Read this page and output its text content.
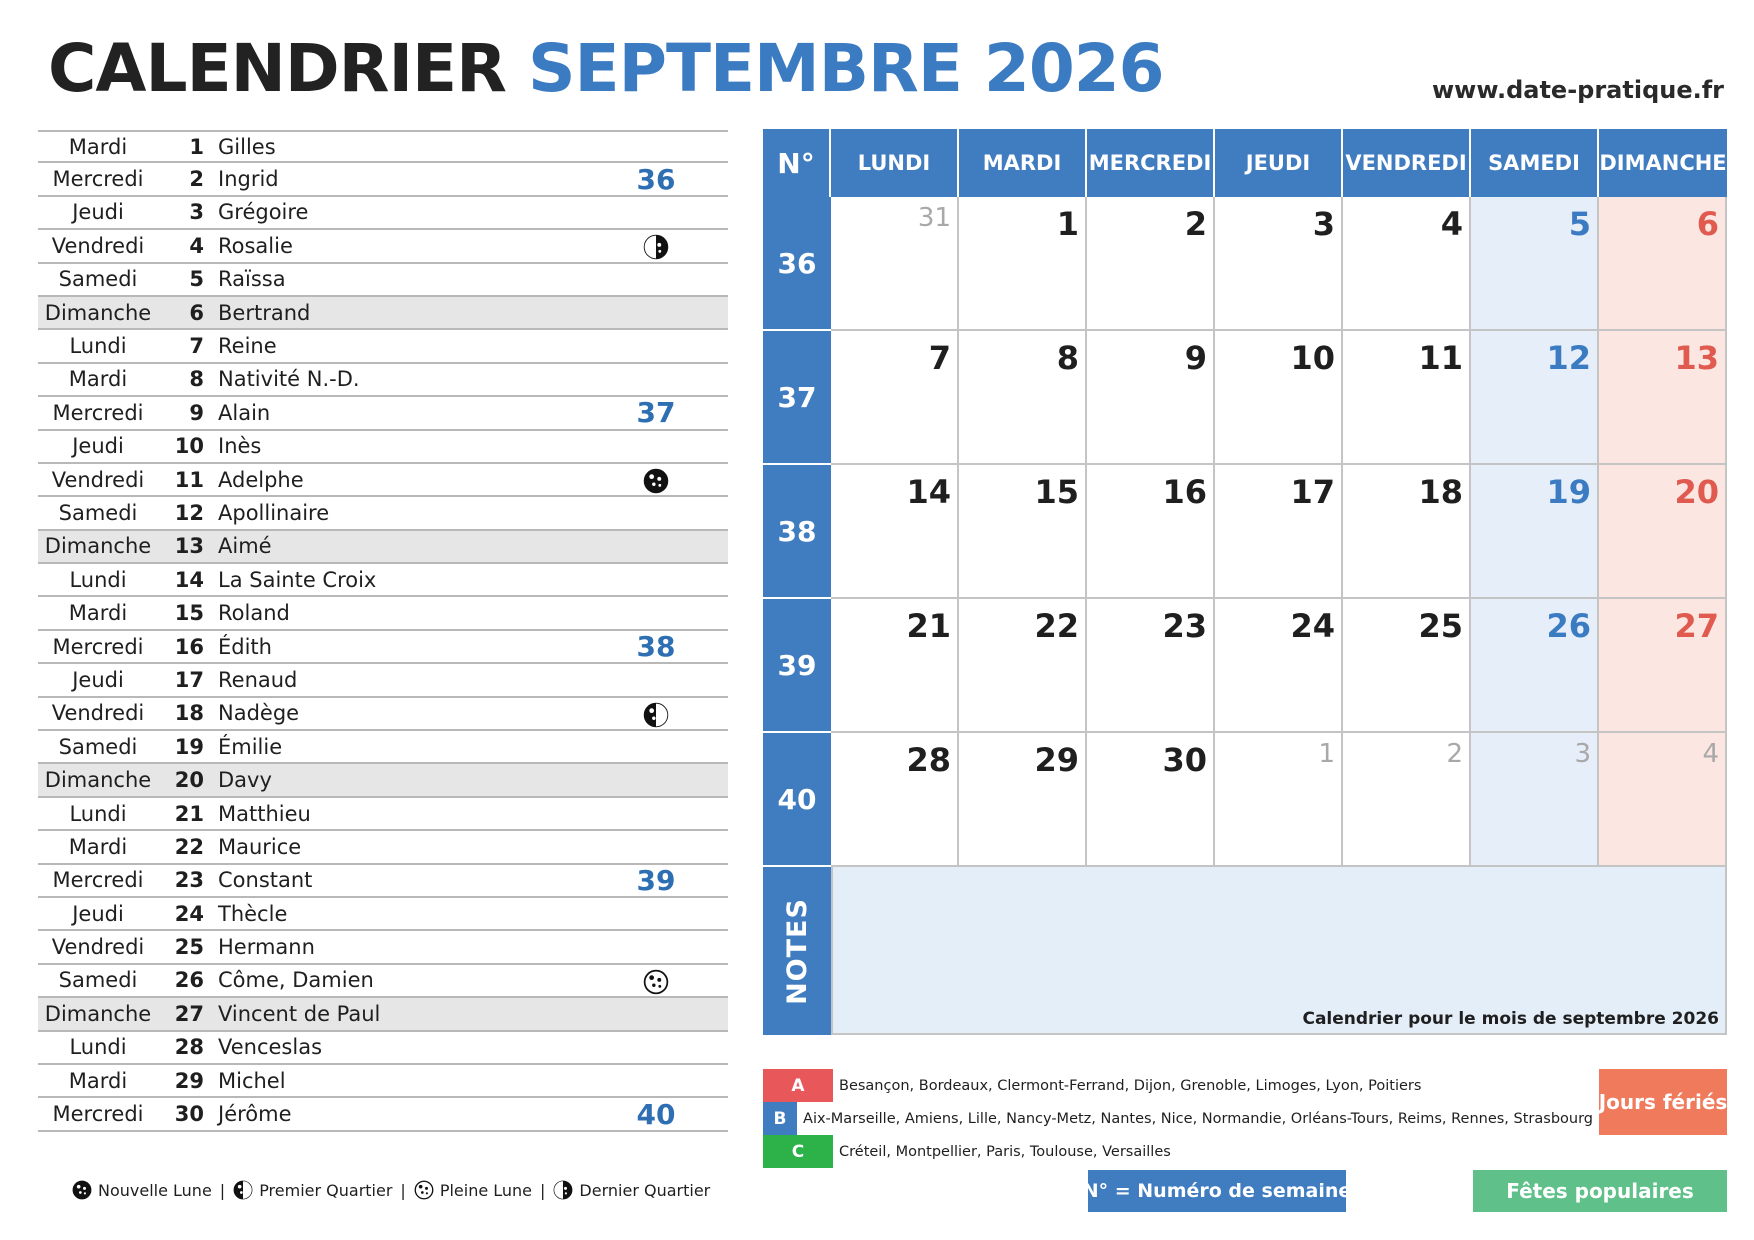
CALENDRIER SEPTEMBRE 2026	www.date-pratique.fr
Mardi	1 Gilles
Mercredi	2 Ingrid	36
Jeudi	3 Grégoire
Vendredi	4 Rosalie
Samedi	5 Raïssa
Dimanche	6 Bertrand
Lundi	7 Reine
Mardi	8 Nativité N.-D.
Mercredi	9 Alain	37
Jeudi	10 Inès
Vendredi	11 Adelphe
Samedi	12 Apollinaire
Dimanche	13 Aimé
Lundi	14 La Sainte Croix
Mardi	15 Roland
Mercredi	16 Édith	38
Jeudi	17 Renaud
Vendredi	18 Nadège
Samedi	19 Émilie
Dimanche	20 Davy
Lundi	21 Matthieu
Mardi	22 Maurice
Mercredi	23 Constant	39
Jeudi	24 Thècle
Vendredi	25 Hermann
Samedi	26 Côme, Damien
Dimanche	27 Vincent de Paul
Lundi	28 Venceslas
Mardi	29 Michel
Mercredi	30 Jérôme	40
Nouvelle Lune | Premier Quartier | Pleine Lune | Dernier Quartier
N°	LUNDI	MARDI	MERCREDI	JEUDI	VENDREDI	SAMEDI DIMANCHE
36
31	1	2	3	4	5	6
37
7	8	9	10	11	12	13
38
14	15	16	17	18	19	20
39
21	22	23	24	25	26	27
40
28	29	30	1	2	3	4
NOTES
Calendrier pour le mois de septembre 2026
A	Besançon, Bordeaux, Clermont-Ferrand, Dijon, Grenoble, Limoges, Lyon, Poitiers
B	Aix-Marseille, Amiens, Lille, Nancy-Metz, Nantes, Nice, Normandie, Orléans-Tours, Reims, Rennes, Strasbourg
C	Créteil, Montpellier, Paris, Toulouse, Versailles
Jours fériés
N° = Numéro de semaine	Fêtes populaires
